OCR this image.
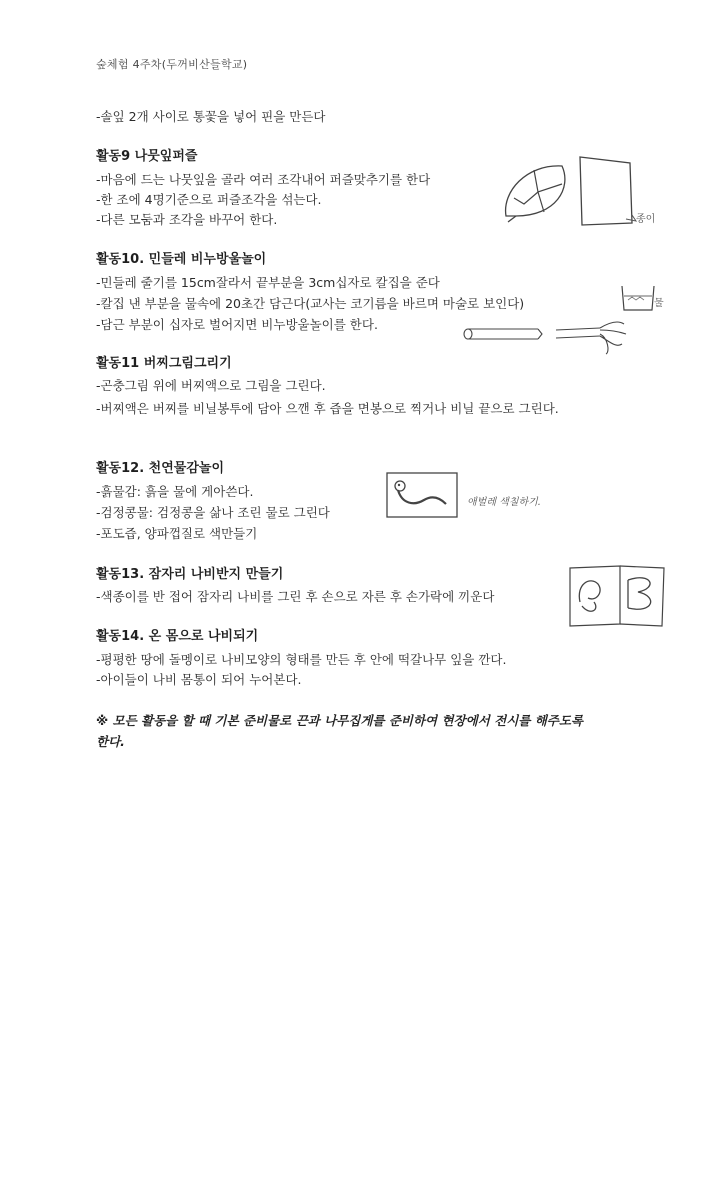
숲체험 4주차(두꺼비산들학교)
-솔잎 2개 사이로 통꽃을 넣어 핀을 만든다
활동9 나뭇잎퍼즐
-마음에 드는 나뭇잎을 골라 여러 조각내어 퍼즐맞추기를 한다
-한 조에 4명기준으로 퍼즐조각을 섞는다.
-다른 모둠과 조각을 바꾸어 한다.
활동10. 민들레 비누방울놀이
-민들레 줄기를 15cm잘라서 끝부분을 3cm십자로 칼집을 준다
-칼집 낸 부분을 물속에 20초간 담근다(교사는 코기름을 바르며 마술로 보인다)
-담근 부분이 십자로 벌어지면 비누방울놀이를 한다.
활동11 버찌그림그리기
-곤충그림 위에 버찌액으로 그림을 그린다.
-버찌액은 버찌를 비닐봉투에 담아 으깬 후 즙을 면봉으로 찍거나 비닐 끝으로 그린다.
활동12. 천연물감놀이
-흙물감: 흙을 물에 게아쓴다.
-검정콩물: 검정콩을 삶나 조린 물로 그린다
-포도즙, 양파껍질로 색만들기
활동13. 잠자리 나비반지 만들기
-색종이를 반 접어 잠자리 나비를 그린 후 손으로 자른 후 손가락에 끼운다
활동14. 온 몸으로 나비되기
-평평한 땅에 돌멩이로 나비모양의 형태를 만든 후 안에 떡갈나무 잎을 깐다.
-아이들이 나비 몸통이 되어 누어본다.
※ 모든 활동을 할 때 기본 준비물로 끈과 나무집게를 준비하여 현장에서 전시를 해주도록 한다.
종이
물
애벌레 색칠하기.
